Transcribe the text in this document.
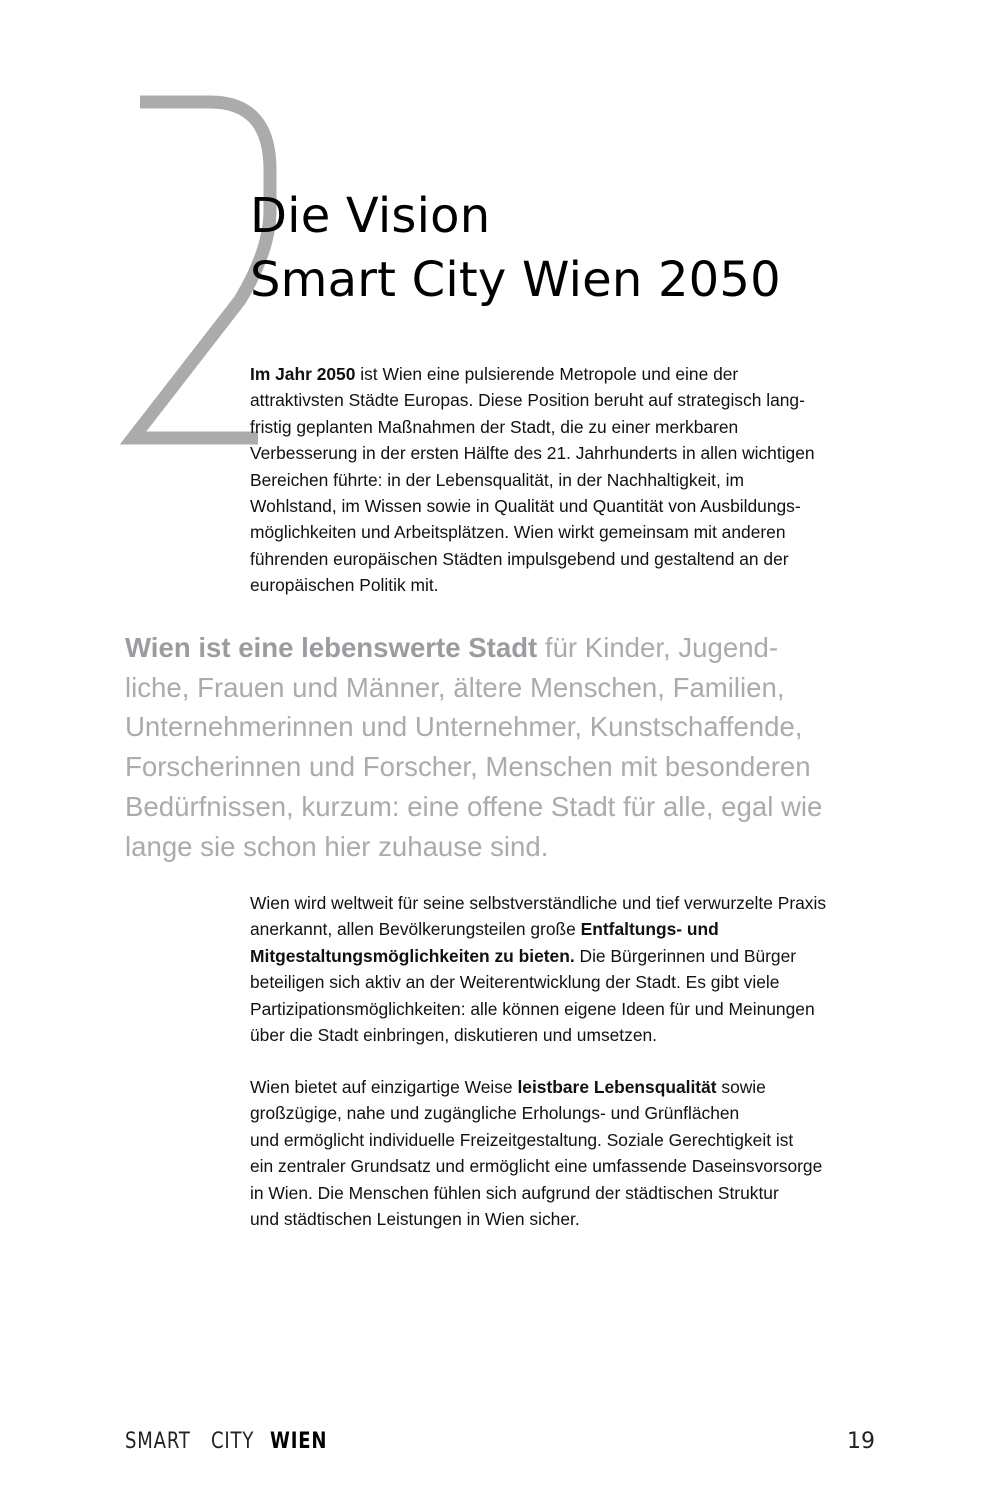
Die Vision
Smart City Wien 2050

Im Jahr 2050 ist Wien eine pulsierende Metropole und eine der
attraktivsten Städte Europas. Diese Position beruht auf strategisch lang-
fristig geplanten Maßnahmen der Stadt, die zu einer merkbaren
Verbesserung in der ersten Hälfte des 21. Jahrhunderts in allen wichtigen
Bereichen führte: in der Lebensqualität, in der Nachhaltigkeit, im
Wohlstand, im Wissen sowie in Qualität und Quantität von Ausbildungs-
möglichkeiten und Arbeitsplätzen. Wien wirkt gemeinsam mit anderen
führenden europäischen Städten impulsgebend und gestaltend an der
europäischen Politik mit.

Wien ist eine lebenswerte Stadt für Kinder, Jugend-
liche, Frauen und Männer, ältere Menschen, Familien,
Unternehmerinnen und Unternehmer, Kunstschaffende,
Forscherinnen und Forscher, Menschen mit besonderen
Bedürfnissen, kurzum: eine offene Stadt für alle, egal wie
lange sie schon hier zuhause sind.

Wien wird weltweit für seine selbstverständliche und tief verwurzelte Praxis
anerkannt, allen Bevölkerungsteilen große Entfaltungs- und
Mitgestaltungsmöglichkeiten zu bieten. Die Bürgerinnen und Bürger
beteiligen sich aktiv an der Weiterentwicklung der Stadt. Es gibt viele
Partizipationsmöglichkeiten: alle können eigene Ideen für und Meinungen
über die Stadt einbringen, diskutieren und umsetzen.

Wien bietet auf einzigartige Weise leistbare Lebensqualität sowie
großzügige, nahe und zugängliche Erholungs- und Grünflächen
und ermöglicht individuelle Freizeitgestaltung. Soziale Gerechtigkeit ist
ein zentraler Grundsatz und ermöglicht eine umfassende Daseinsvorsorge
in Wien. Die Menschen fühlen sich aufgrund der städtischen Struktur
und städtischen Leistungen in Wien sicher.

SMART CITY WIEN	19
